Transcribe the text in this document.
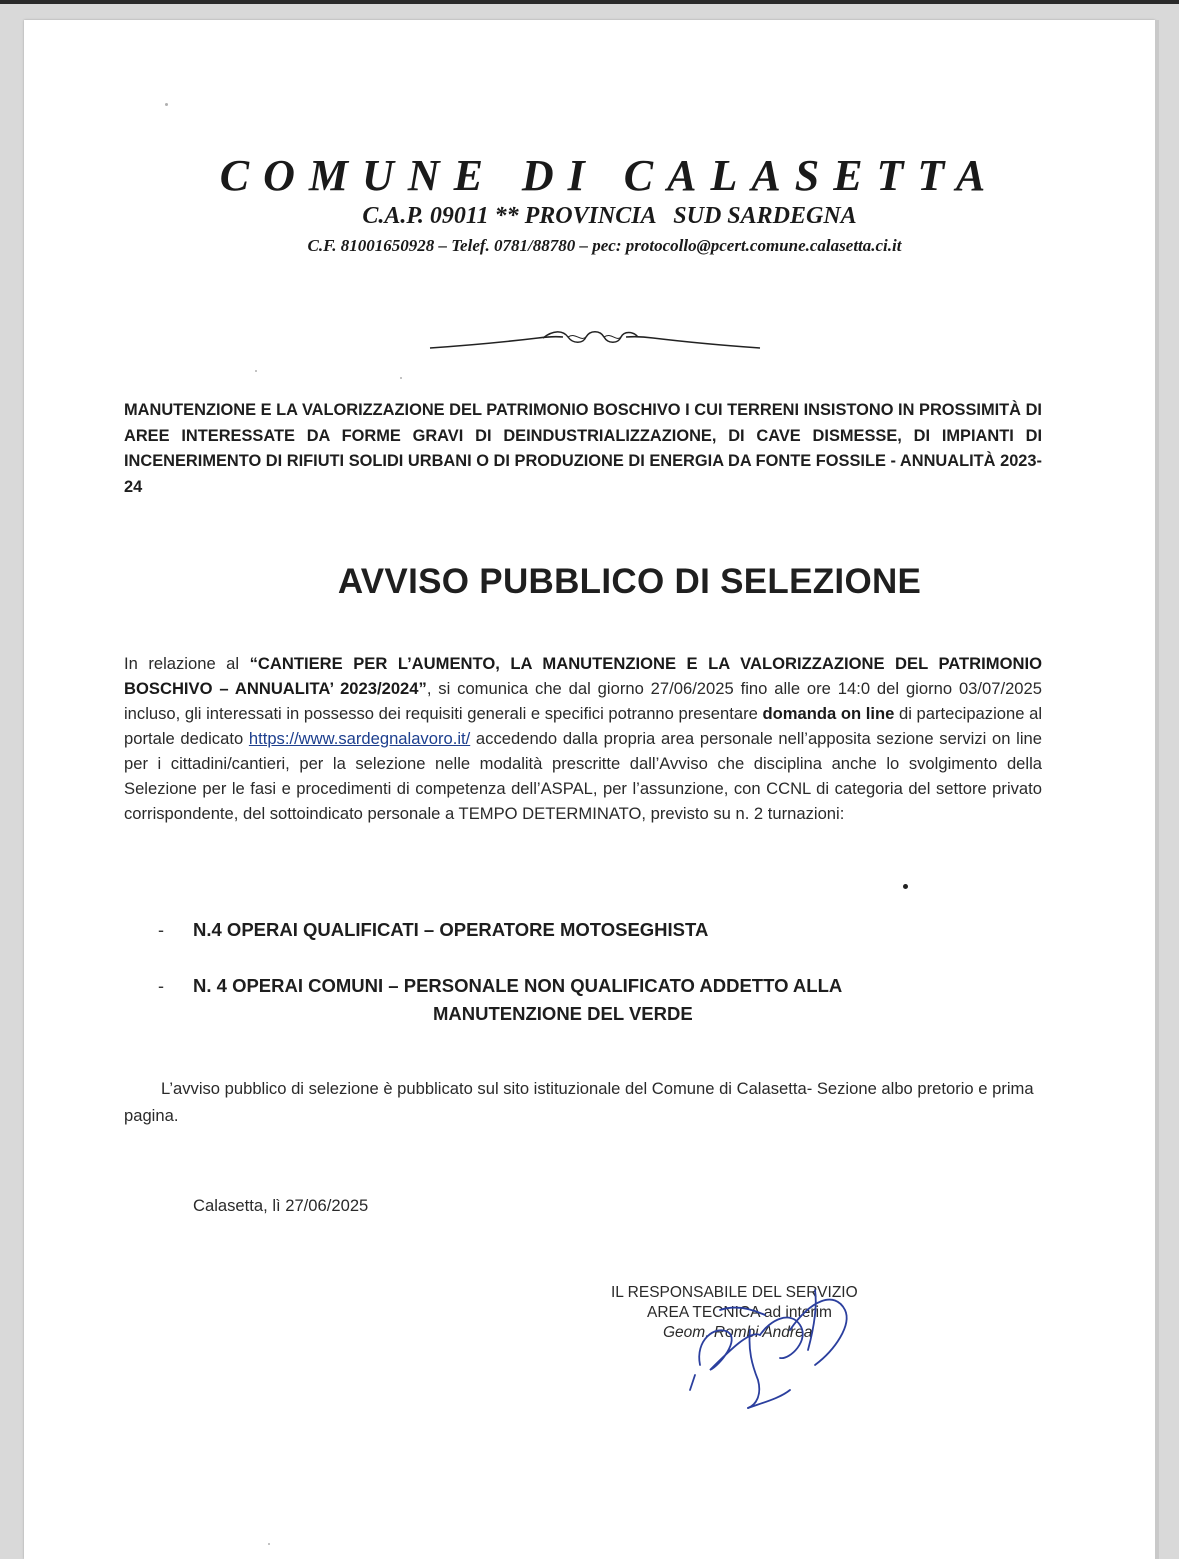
COMUNE DI CALASETTA
C.A.P. 09011 ** PROVINCIA   SUD SARDEGNA
C.F. 81001650928 – Telef. 0781/88780 – pec: protocollo@pcert.comune.calasetta.ci.it
MANUTENZIONE E LA VALORIZZAZIONE DEL PATRIMONIO BOSCHIVO I CUI TERRENI INSISTONO IN PROSSIMITÀ DI AREE INTERESSATE DA FORME GRAVI DI DEINDUSTRIALIZZAZIONE, DI CAVE DISMESSE, DI IMPIANTI DI INCENERIMENTO DI RIFIUTI SOLIDI URBANI O DI PRODUZIONE DI ENERGIA DA FONTE FOSSILE - ANNUALITÀ 2023-24
AVVISO PUBBLICO DI SELEZIONE
In relazione al “CANTIERE PER L’AUMENTO, LA MANUTENZIONE E LA VALORIZZAZIONE DEL PATRIMONIO BOSCHIVO – ANNUALITA’ 2023/2024”, si comunica che dal giorno 27/06/2025 fino alle ore 14:0 del giorno 03/07/2025 incluso, gli interessati in possesso dei requisiti generali e specifici potranno presentare domanda on line di partecipazione al portale dedicato https://www.sardegnalavoro.it/ accedendo dalla propria area personale nell’apposita sezione servizi on line per i cittadini/cantieri, per la selezione nelle modalità prescritte dall’Avviso che disciplina anche lo svolgimento della Selezione per le fasi e procedimenti di competenza dell’ASPAL, per l’assunzione, con CCNL di categoria del settore privato corrispondente, del sottoindicato personale a TEMPO DETERMINATO, previsto su n. 2 turnazioni:
- N.4 OPERAI QUALIFICATI – OPERATORE MOTOSEGHISTA
- N. 4 OPERAI COMUNI – PERSONALE NON QUALIFICATO ADDETTO ALLA
MANUTENZIONE DEL VERDE
L’avviso pubblico di selezione è pubblicato sul sito istituzionale del Comune di Calasetta- Sezione albo pretorio e prima pagina.
Calasetta, lì 27/06/2025
IL RESPONSABILE DEL SERVIZIO
AREA TECNICA ad interim
Geom. Rombi Andrea
